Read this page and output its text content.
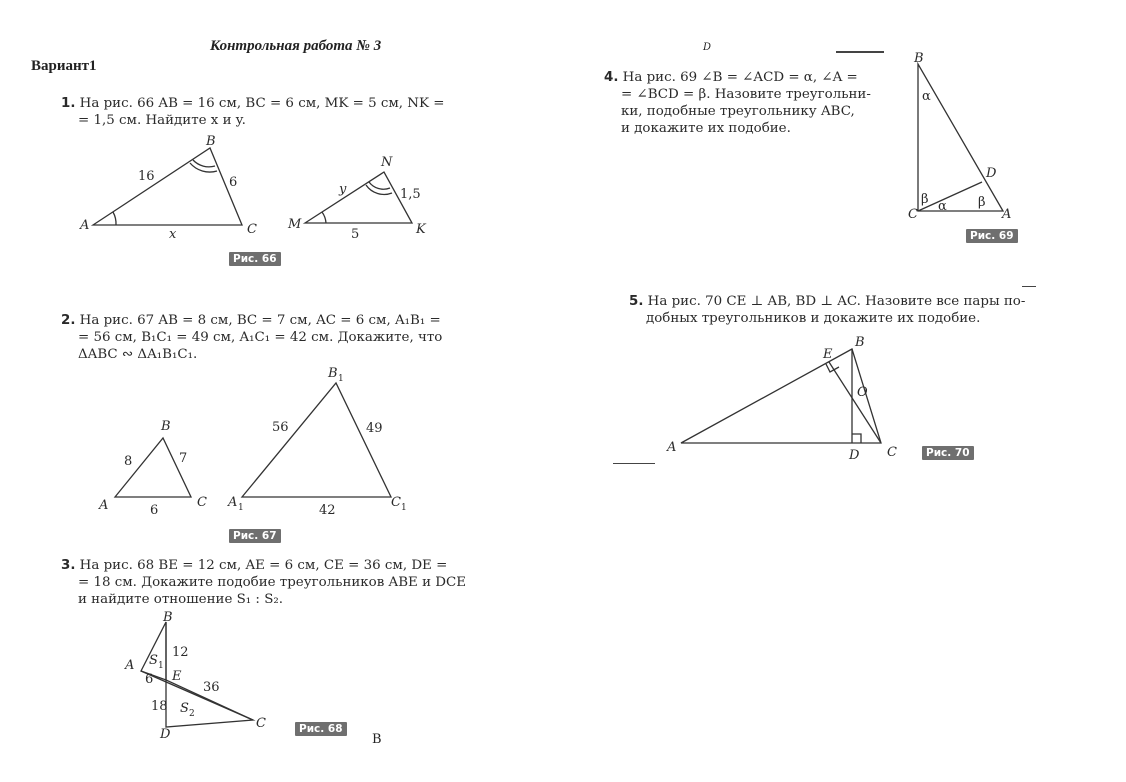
Контрольная работа № 3
Вариант1
1. На рис. 66 AB = 16 см, BC = 6 см, MK = 5 см, NK =
= 1,5 см. Найдите x и y.
2. На рис. 67 AB = 8 см, BC = 7 см, AC = 6 см, A₁B₁ =
= 56 см, B₁C₁ = 49 см, A₁C₁ = 42 см. Докажите, что
ΔABC ∾ ΔA₁B₁C₁.
3. На рис. 68 BE = 12 см, AE = 6 см, CE = 36 см, DE =
= 18 см. Докажите подобие треугольников ABE и DCE
и найдите отношение S₁ : S₂.
4. На рис. 69 ∠B = ∠ACD = α, ∠A =
= ∠BCD = β. Назовите треугольни-
ки, подобные треугольнику ABC,
и докажите их подобие.
5. На рис. 70 CE ⊥ AB, BD ⊥ AC. Назовите все пары по-
добных треугольников и докажите их подобие.
D
B
Рис. 66
Рис. 67
Рис. 68
Рис. 69
Рис. 70
A
B
C
16	6
x
M
N
K
y	1,5
5
A
B
C
8	7
6
A 1
B 1
C 1
56	49
42
A
B
C
D
E
S 1
S 2
12
6
36
18
B
C	A
D
α
α
β	β
A
B
C
D
E
O
